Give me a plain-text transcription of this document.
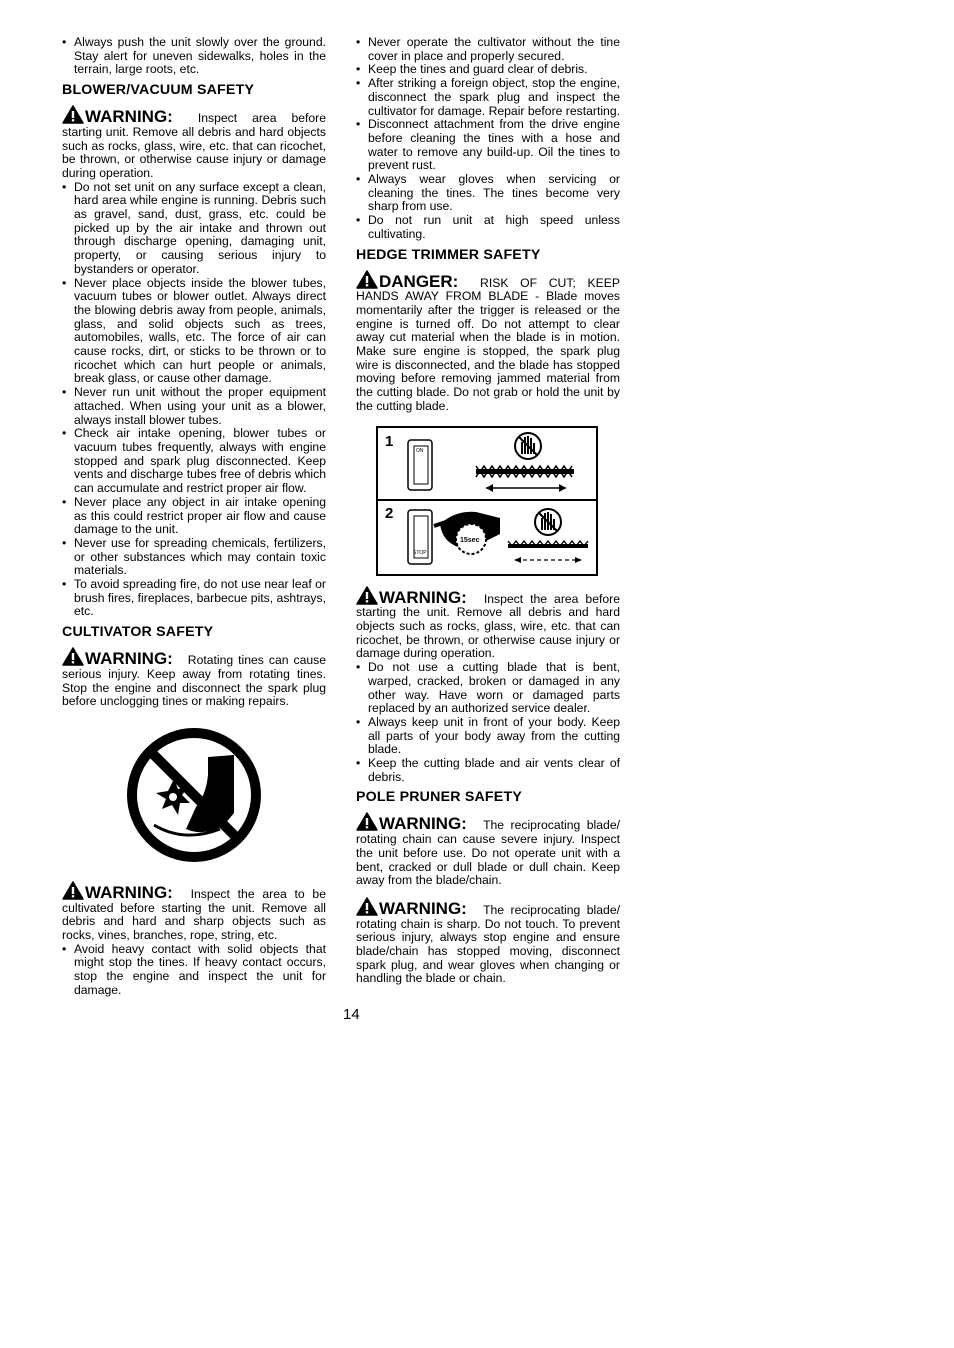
• Always push the unit slowly over the ground. Stay alert for uneven sidewalks, holes in the terrain, large roots, etc.
BLOWER/VACUUM SAFETY

WARNING: Inspect area before starting unit. Remove all debris and hard objects such as rocks, glass, wire, etc. that can ricochet, be thrown, or otherwise cause injury or damage during operation.

• Do not set unit on any surface except a clean, hard area while engine is running. Debris such as gravel, sand, dust, grass, etc. could be picked up by the air intake and thrown out through discharge opening, damaging unit, property, or causing serious injury to bystanders or operator.
• Never place objects inside the blower tubes, vacuum tubes or blower outlet. Always direct the blowing debris away from people, animals, glass, and solid objects such as trees, automobiles, walls, etc. The force of air can cause rocks, dirt, or sticks to be thrown or to ricochet which can hurt people or animals, break glass, or cause other damage.
• Never run unit without the proper equipment attached. When using your unit as a blower, always install blower tubes.
• Check air intake opening, blower tubes or vacuum tubes frequently, always with engine stopped and spark plug disconnected. Keep vents and discharge tubes free of debris which can accumulate and restrict proper air flow.
• Never place any object in air intake opening as this could restrict proper air flow and cause damage to the unit.
• Never use for spreading chemicals, fertilizers, or other substances which may contain toxic materials.
• To avoid spreading fire, do not use near leaf or brush fires, fireplaces, barbecue pits, ashtrays, etc.
CULTIVATOR SAFETY

WARNING: Rotating tines can cause serious injury. Keep away from rotating tines. Stop the engine and disconnect the spark plug before unclogging tines or making repairs.

WARNING: Inspect the area to be cultivated before starting the unit. Remove all debris and hard and sharp objects such as rocks, vines, branches, rope, string, etc.

• Avoid heavy contact with solid objects that might stop the tines. If heavy contact occurs, stop the engine and inspect the unit for damage.
• Never operate the cultivator without the tine cover in place and properly secured.
• Keep the tines and guard clear of debris.
• After striking a foreign object, stop the engine, disconnect the spark plug and inspect the cultivator for damage. Repair before restarting.
• Disconnect attachment from the drive engine before cleaning the tines with a hose and water to remove any build-up. Oil the tines to prevent rust.
• Always wear gloves when servicing or cleaning the tines. The tines become very sharp from use.
• Do not run unit at high speed unless cultivating.
HEDGE TRIMMER SAFETY

DANGER: RISK OF CUT; KEEP HANDS AWAY FROM BLADE - Blade moves momentarily after the trigger is released or the engine is turned off. Do not attempt to clear away cut material when the blade is in motion. Make sure engine is stopped, the spark plug wire is disconnected, and the blade has stopped moving before removing jammed material from the cutting blade. Do not grab or hold the unit by the cutting blade.

1
ON
2
STOP
15sec

WARNING: Inspect the area before starting the unit. Remove all debris and hard objects such as rocks, glass, wire, etc. that can ricochet, be thrown, or otherwise cause injury or damage during operation.

• Do not use a cutting blade that is bent, warped, cracked, broken or damaged in any other way. Have worn or damaged parts replaced by an authorized service dealer.
• Always keep unit in front of your body. Keep all parts of your body away from the cutting blade.
• Keep the cutting blade and air vents clear of debris.
POLE PRUNER SAFETY

WARNING: The reciprocating blade/ rotating chain can cause severe injury. Inspect the unit before use. Do not operate unit with a bent, cracked or dull blade or dull chain. Keep away from the blade/chain.

WARNING: The reciprocating blade/ rotating chain is sharp. Do not touch. To prevent serious injury, always stop engine and ensure blade/chain has stopped moving, disconnect spark plug, and wear gloves when changing or handling the blade or chain.

14
